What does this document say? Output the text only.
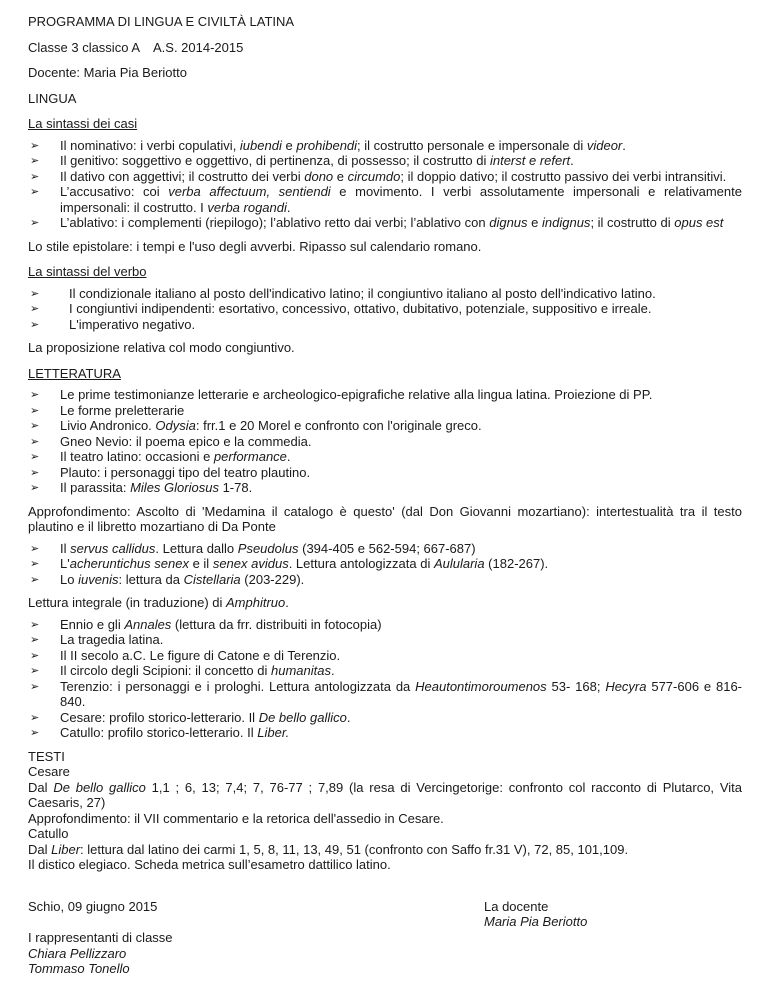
PROGRAMMA DI LINGUA E CIVILTÀ LATINA

Classe 3 classico A    A.S. 2014-2015

Docente: Maria Pia Beriotto

LINGUA

La sintassi dei casi

➢ Il nominativo: i verbi copulativi, iubendi e prohibendi; il costrutto personale e impersonale di videor.
➢ Il genitivo: soggettivo e oggettivo, di pertinenza, di possesso; il costrutto di interst e refert.
➢ Il dativo con aggettivi; il costrutto dei verbi dono e circumdo; il doppio dativo; il costrutto passivo dei verbi intransitivi.
➢ L’accusativo: coi verba affectuum, sentiendi e movimento. I verbi assolutamente impersonali e relativamente impersonali: il costrutto. I verba rogandi.
➢ L’ablativo: i complementi (riepilogo); l’ablativo retto dai verbi; l’ablativo con dignus e indignus; il costrutto di opus est

Lo stile epistolare: i tempi e l'uso degli avverbi. Ripasso sul calendario romano.

La sintassi del verbo

➢ Il condizionale italiano al posto dell'indicativo latino; il congiuntivo italiano al posto dell'indicativo latino.
➢ I congiuntivi indipendenti: esortativo, concessivo, ottativo, dubitativo, potenziale, suppositivo e irreale.
➢ L'imperativo negativo.

La proposizione relativa col modo congiuntivo.

LETTERATURA

➢ Le prime testimonianze letterarie e archeologico-epigrafiche relative alla lingua latina. Proiezione di PP.
➢ Le forme preletterarie
➢ Livio Andronico. Odysia: frr.1 e 20 Morel e confronto con l'originale greco.
➢ Gneo Nevio: il poema epico e la commedia.
➢ Il teatro latino: occasioni e performance.
➢ Plauto: i personaggi tipo del teatro plautino.
➢ Il parassita: Miles Gloriosus 1-78.

Approfondimento: Ascolto di 'Medamina il catalogo è questo' (dal Don Giovanni mozartiano): intertestualità tra il testo plautino e il libretto mozartiano di Da Ponte

➢ Il servus callidus. Lettura dallo Pseudolus (394-405 e 562-594; 667-687)
➢ L'acheruntichus senex e il senex avidus. Lettura antologizzata di Aulularia (182-267).
➢ Lo iuvenis: lettura da Cistellaria (203-229).

Lettura integrale (in traduzione) di Amphitruo.

➢ Ennio e gli Annales (lettura da frr. distribuiti in fotocopia)
➢ La tragedia latina.
➢ Il II secolo a.C. Le figure di Catone e di Terenzio.
➢ Il circolo degli Scipioni: il concetto di humanitas.
➢ Terenzio: i personaggi e i prologhi. Lettura antologizzata da Heautontimoroumenos 53- 168; Hecyra 577-606 e 816-840.
➢ Cesare: profilo storico-letterario. Il De bello gallico.
➢ Catullo: profilo storico-letterario. Il Liber.

TESTI

Cesare

Dal De bello gallico 1,1 ; 6, 13; 7,4; 7, 76-77 ; 7,89 (la resa di Vercingetorige: confronto col racconto di Plutarco, Vita Caesaris, 27)

Approfondimento: il VII commentario e la retorica dell'assedio in Cesare.

Catullo

Dal Liber: lettura dal latino dei carmi 1, 5, 8, 11, 13, 49, 51 (confronto con Saffo fr.31 V), 72, 85, 101,109.

Il distico elegiaco. Scheda metrica sull’esametro dattilico latino.

Schio, 09 giugno 2015

I rappresentanti di classe

Chiara Pellizzaro

Tommaso Tonello

La docente

Maria Pia Beriotto
